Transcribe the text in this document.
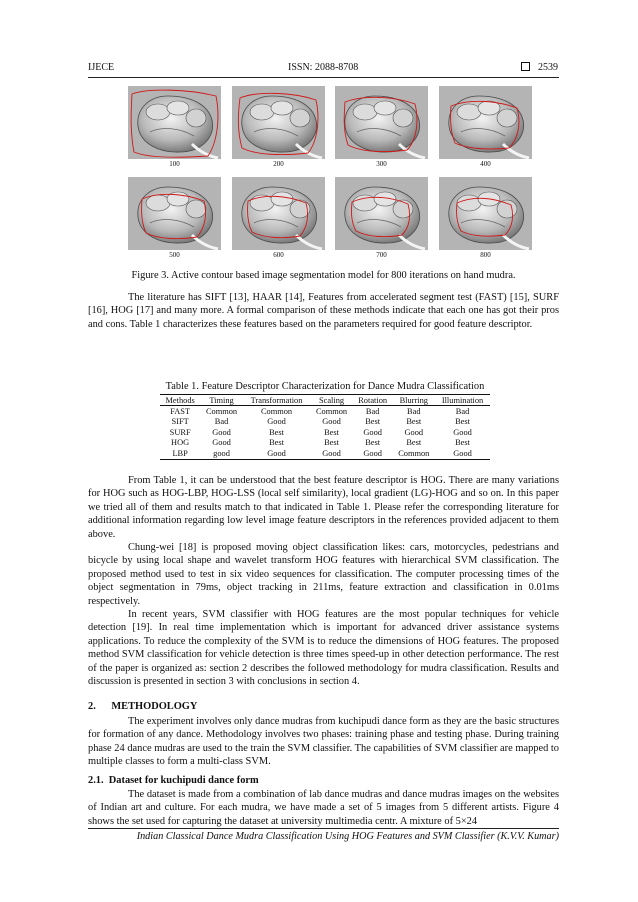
IJECE	ISSN: 2088-8708	2539
100	200	300	400
500	600	700	800
Figure 3. Active contour based image segmentation model for 800 iterations on hand mudra.

The literature has SIFT [13], HAAR [14], Features from accelerated segment test (FAST) [15], SURF [16], HOG [17] and many more. A formal comparison of these methods indicate that each one has got their pros and cons. Table 1 characterizes these features based on the parameters required for good feature descriptor.

Table 1. Feature Descriptor Characterization for Dance Mudra Classification
Methods	Timing	Transformation	Scaling	Rotation	Blurring	Illumination
FAST	Common	Common	Common	Bad	Bad	Bad
SIFT	Bad	Good	Good	Best	Best	Best
SURF	Good	Best	Best	Good	Good	Good
HOG	Good	Best	Best	Best	Best	Best
LBP	good	Good	Good	Good	Common	Good

From Table 1, it can be understood that the best feature descriptor is HOG. There are many variations for HOG such as HOG-LBP, HOG-LSS (local self similarity), local gradient (LG)-HOG and so on. In this paper we tried all of them and results match to that indicated in Table 1. Please refer the corresponding literature for additional information regarding low level image feature descriptors in the references provided adjacent to them above.

Chung-wei [18] is proposed moving object classification likes: cars, motorcycles, pedestrians and bicycle by using local shape and wavelet transform HOG features with hierarchical SVM classification. The proposed method used to test in six video sequences for classification. The computer processing times of the object segmentation in 79ms, object tracking in 211ms, feature extraction and classification in 0.01ms respectively.

In recent years, SVM classifier with HOG features are the most popular techniques for vehicle detection [19]. In real time implementation which is important for advanced driver assistance systems applications. To reduce the complexity of the SVM is to reduce the dimensions of HOG features. The proposed method SVM classification for vehicle detection is three times speed-up in other detection performance. The rest of the paper is organized as: section 2 describes the followed methodology for mudra classification. Results and discussion is presented in section 3 with conclusions in section 4.

2.      METHODOLOGY

The experiment involves only dance mudras from kuchipudi dance form as they are the basic structures for formation of any dance. Methodology involves two phases: training phase and testing phase. During training phase 24 dance mudras are used to the train the SVM classifier. The capabilities of SVM classifier are mapped to multiple classes to form a multi-class SVM.

2.1.  Dataset for kuchipudi dance form

The dataset is made from a combination of lab dance mudras and dance mudras images on the websites of Indian art and culture. For each mudra, we have made a set of 5 images from 5 different artists. Figure 4 shows the set used for capturing the dataset at university multimedia centr. A mixture of 5×24

Indian Classical Dance Mudra Classification Using HOG Features and SVM Classifier (K.V.V. Kumar)
